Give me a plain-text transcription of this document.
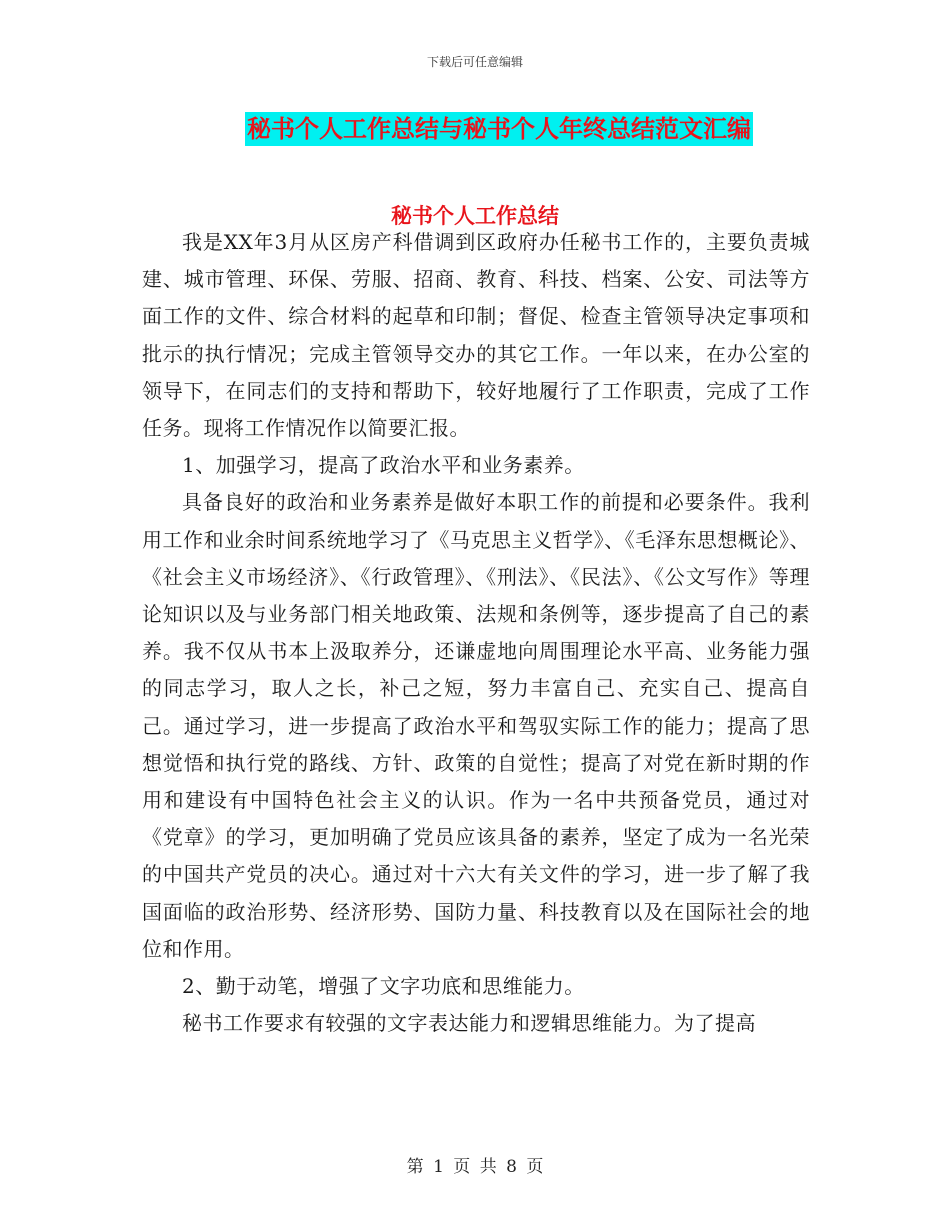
下载后可任意编辑
秘书个人工作总结与秘书个人年终总结范文汇编
秘书个人工作总结

我是XX年3月从区房产科借调到区政府办任秘书工作的，主要负责城建、城市管理、环保、劳服、招商、教育、科技、档案、公安、司法等方面工作的文件、综合材料的起草和印制；督促、检查主管领导决定事项和批示的执行情况；完成主管领导交办的其它工作。一年以来，在办公室的领导下，在同志们的支持和帮助下，较好地履行了工作职责，完成了工作任务。现将工作情况作以简要汇报。

1、加强学习，提高了政治水平和业务素养。

具备良好的政治和业务素养是做好本职工作的前提和必要条件。我利用工作和业余时间系统地学习了《马克思主义哲学》、《毛泽东思想概论》、《社会主义市场经济》、《行政管理》、《刑法》、《民法》、《公文写作》等理论知识以及与业务部门相关地政策、法规和条例等，逐步提高了自己的素养。我不仅从书本上汲取养分，还谦虚地向周围理论水平高、业务能力强的同志学习，取人之长，补己之短，努力丰富自己、充实自己、提高自己。通过学习，进一步提高了政治水平和驾驭实际工作的能力；提高了思想觉悟和执行党的路线、方针、政策的自觉性；提高了对党在新时期的作用和建设有中国特色社会主义的认识。作为一名中共预备党员，通过对《党章》的学习，更加明确了党员应该具备的素养，坚定了成为一名光荣的中国共产党员的决心。通过对十六大有关文件的学习，进一步了解了我国面临的政治形势、经济形势、国防力量、科技教育以及在国际社会的地位和作用。

2、勤于动笔，增强了文字功底和思维能力。

秘书工作要求有较强的文字表达能力和逻辑思维能力。为了提高

第 1 页 共 8 页
